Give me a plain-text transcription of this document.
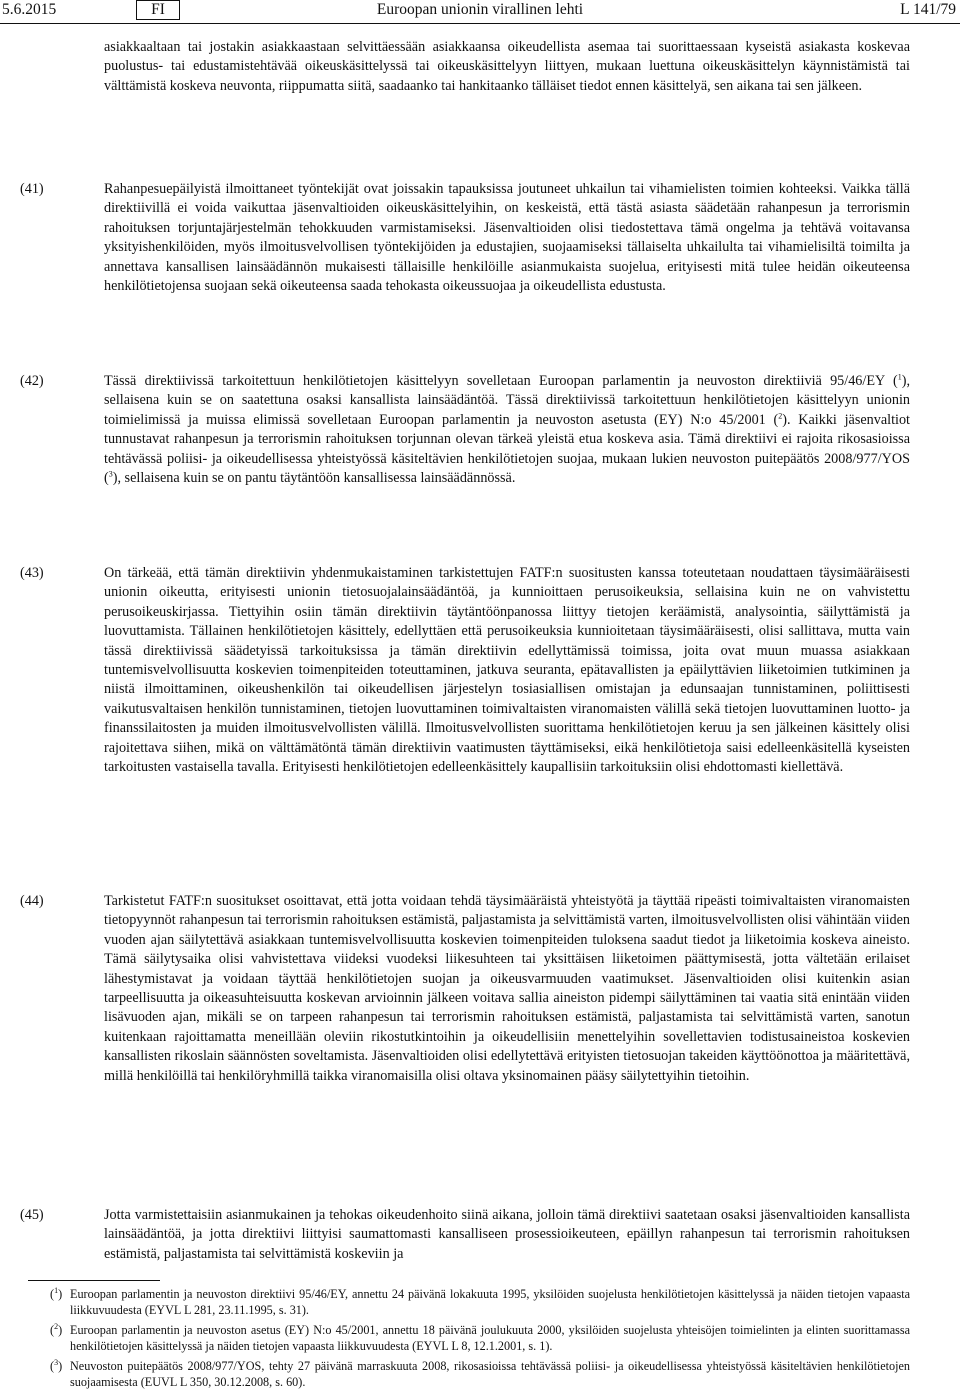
5.6.2015	FI	Euroopan unionin virallinen lehti	L 141/79
asiakkaaltaan tai jostakin asiakkaastaan selvittäessään asiakkaansa oikeudellista asemaa tai suorittaessaan kyseistä asiakasta koskevaa puolustus- tai edustamistehtävää oikeuskäsittelyssä tai oikeuskäsittelyyn liittyen, mukaan luettuna oikeuskäsittelyn käynnistämistä tai välttämistä koskeva neuvonta, riippumatta siitä, saadaanko tai hankitaanko tälläiset tiedot ennen käsittelyä, sen aikana tai sen jälkeen.
(41)	Rahanpesuepäilyistä ilmoittaneet työntekijät ovat joissakin tapauksissa joutuneet uhkailun tai vihamielisten toimien kohteeksi. Vaikka tällä direktiivillä ei voida vaikuttaa jäsenvaltioiden oikeuskäsittelyihin, on keskeistä, että tästä asiasta säädetään rahanpesun ja terrorismin rahoituksen torjuntajärjestelmän tehokkuuden varmistamiseksi. Jäsenvaltioiden olisi tiedostettava tämä ongelma ja tehtävä voitavansa yksityishenkilöiden, myös ilmoitusvelvollisen työntekijöiden ja edustajien, suojaamiseksi tällaiselta uhkailulta tai vihamielisiltä toimilta ja annettava kansallisen lainsäädännön mukaisesti tällaisille henkilöille asianmukaista suojelua, erityisesti mitä tulee heidän oikeuteensa henkilötietojensa suojaan sekä oikeuteensa saada tehokasta oikeussuojaa ja oikeudellista edustusta.
(42)	Tässä direktiivissä tarkoitettuun henkilötietojen käsittelyyn sovelletaan Euroopan parlamentin ja neuvoston direktiiviä 95/46/EY ($^1$), sellaisena kuin se on saatettuna osaksi kansallista lainsäädäntöä. Tässä direktiivissä tarkoitettuun henkilötietojen käsittelyyn unionin toimielimissä ja muissa elimissä sovelletaan Euroopan parlamentin ja neuvoston asetusta (EY) N:o 45/2001 ($^2$). Kaikki jäsenvaltiot tunnustavat rahanpesun ja terrorismin rahoituksen torjunnan olevan tärkeä yleistä etua koskeva asia. Tämä direktiivi ei rajoita rikosasioissa tehtävässä poliisi- ja oikeudellisessa yhteistyössä käsiteltävien henkilötietojen suojaa, mukaan lukien neuvoston puitepäätös 2008/977/YOS ($^3$), sellaisena kuin se on pantu täytäntöön kansallisessa lainsäädännössä.
(43)	On tärkeää, että tämän direktiivin yhdenmukaistaminen tarkistettujen FATF:n suositusten kanssa toteutetaan noudattaen täysimääräisesti unionin oikeutta, erityisesti unionin tietosuojalainsäädäntöä, ja kunnioittaen perusoikeuksia, sellaisina kuin ne on vahvistettu perusoikeuskirjassa. Tiettyihin osiin tämän direktiivin täytäntöönpanossa liittyy tietojen keräämistä, analysointia, säilyttämistä ja luovuttamista. Tällainen henkilötietojen käsittely, edellyttäen että perusoikeuksia kunnioitetaan täysimääräisesti, olisi sallittava, mutta vain tässä direktiivissä säädetyissä tarkoituksissa ja tämän direktiivin edellyttämissä toimissa, joita ovat muun muassa asiakkaan tuntemisvelvollisuutta koskevien toimenpiteiden toteuttaminen, jatkuva seuranta, epätavallisten ja epäilyttävien liiketoimien tutkiminen ja niistä ilmoittaminen, oikeushenkilön tai oikeudellisen järjestelyn tosiasiallisen omistajan ja edunsaajan tunnistaminen, poliittisesti vaikutusvaltaisen henkilön tunnistaminen, tietojen luovuttaminen toimivaltaisten viranomaisten välillä sekä tietojen luovuttaminen luotto- ja finanssilaitosten ja muiden ilmoitusvelvollisten välillä. Ilmoitusvelvollisten suorittama henkilötietojen keruu ja sen jälkeinen käsittely olisi rajoitettava siihen, mikä on välttämätöntä tämän direktiivin vaatimusten täyttämiseksi, eikä henkilötietoja saisi edelleenkäsitellä kyseisten tarkoitusten vastaisella tavalla. Erityisesti henkilötietojen edelleenkäsittely kaupallisiin tarkoituksiin olisi ehdottomasti kiellettävä.
(44)	Tarkistetut FATF:n suositukset osoittavat, että jotta voidaan tehdä täysimääräistä yhteistyötä ja täyttää ripeästi toimivaltaisten viranomaisten tietopyynnöt rahanpesun tai terrorismin rahoituksen estämistä, paljastamista ja selvittämistä varten, ilmoitusvelvollisten olisi vähintään viiden vuoden ajan säilytettävä asiakkaan tuntemisvelvollisuutta koskevien toimenpiteiden tuloksena saadut tiedot ja liiketoimia koskeva aineisto. Tämä säilytysaika olisi vahvistettava viideksi vuodeksi liikesuhteen tai yksittäisen liiketoimen päättymisestä, jotta vältetään erilaiset lähestymistavat ja voidaan täyttää henkilötietojen suojan ja oikeusvarmuuden vaatimukset. Jäsenvaltioiden olisi kuitenkin asian tarpeellisuutta ja oikeasuhteisuutta koskevan arvioinnin jälkeen voitava sallia aineiston pidempi säilyttäminen tai vaatia sitä enintään viiden lisävuoden ajan, mikäli se on tarpeen rahanpesun tai terrorismin rahoituksen estämistä, paljastamista tai selvittämistä varten, sanotun kuitenkaan rajoittamatta meneillään oleviin rikostutkintoihin ja oikeudellisiin menettelyihin sovellettavien todistusaineistoa koskevien kansallisten rikoslain säännösten soveltamista. Jäsenvaltioiden olisi edellytettävä erityisten tietosuojan takeiden käyttöönottoa ja määritettävä, millä henkilöillä tai henkilöryhmillä taikka viranomaisilla olisi oltava yksinomainen pääsy säilytettyihin tietoihin.
(45)	Jotta varmistettaisiin asianmukainen ja tehokas oikeudenhoito siinä aikana, jolloin tämä direktiivi saatetaan osaksi jäsenvaltioiden kansallista lainsäädäntöä, ja jotta direktiivi liittyisi saumattomasti kansalliseen prosessioikeuteen, epäillyn rahanpesun tai terrorismin rahoituksen estämistä, paljastamista tai selvittämistä koskeviin ja
($^1$) Euroopan parlamentin ja neuvoston direktiivi 95/46/EY, annettu 24 päivänä lokakuuta 1995, yksilöiden suojelusta henkilötietojen käsittelyssä ja näiden tietojen vapaasta liikkuvuudesta (EYVL L 281, 23.11.1995, s. 31).
($^2$) Euroopan parlamentin ja neuvoston asetus (EY) N:o 45/2001, annettu 18 päivänä joulukuuta 2000, yksilöiden suojelusta yhteisöjen toimielinten ja elinten suorittamassa henkilötietojen käsittelyssä ja näiden tietojen vapaasta liikkuvuudesta (EYVL L 8, 12.1.2001, s. 1).
($^3$) Neuvoston puitepäätös 2008/977/YOS, tehty 27 päivänä marraskuuta 2008, rikosasioissa tehtävässä poliisi- ja oikeudellisessa yhteistyössä käsiteltävien henkilötietojen suojaamisesta (EUVL L 350, 30.12.2008, s. 60).
